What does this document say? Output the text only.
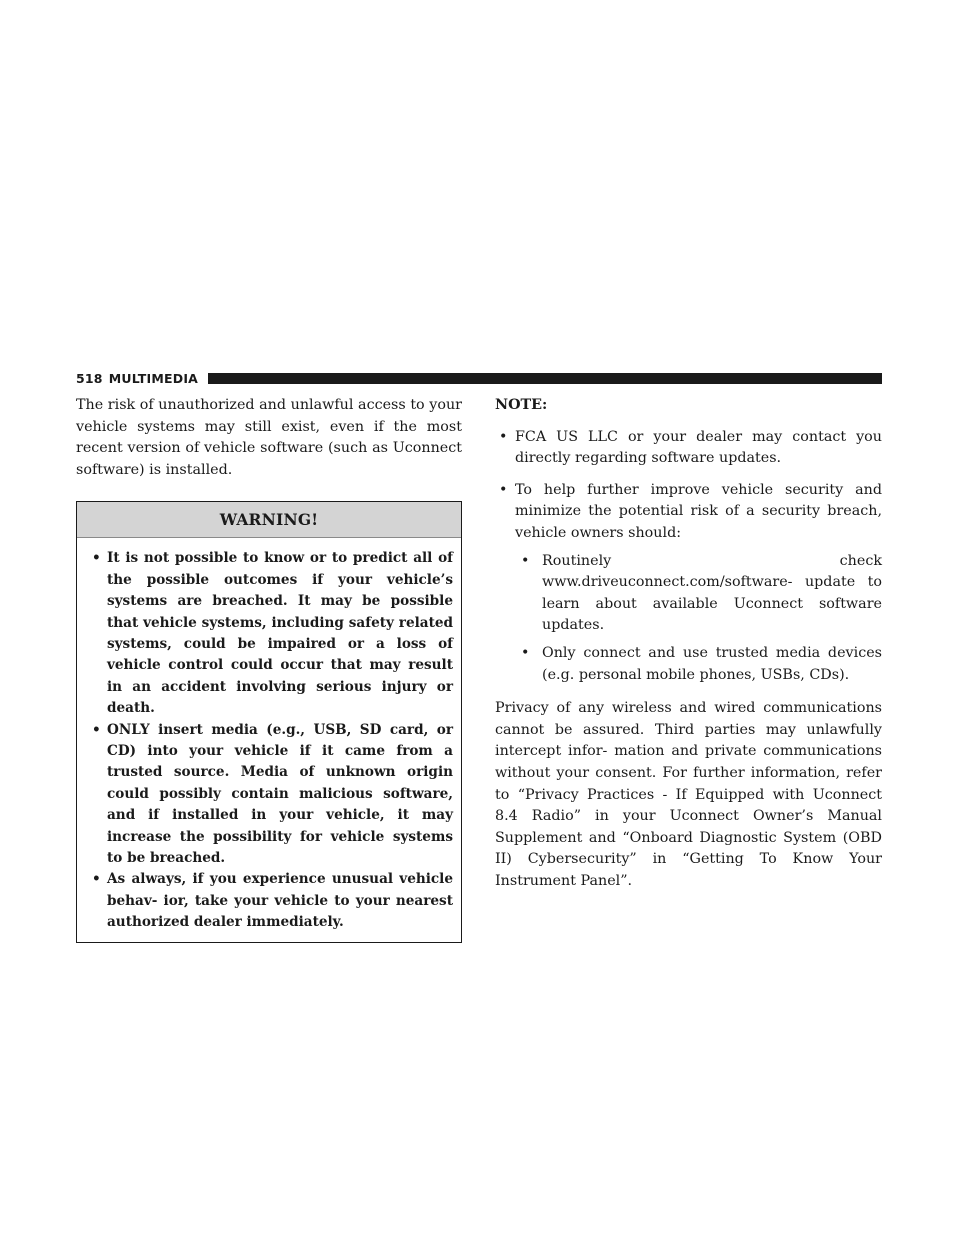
518 MULTIMEDIA

The risk of unauthorized and unlawful access to your vehicle systems may still exist, even if the most recent version of vehicle software (such as Uconnect software) is installed.

WARNING!

• It is not possible to know or to predict all of the possible outcomes if your vehicle’s systems are breached. It may be possible that vehicle systems, including safety related systems, could be impaired or a loss of vehicle control could occur that may result in an accident involving serious injury or death.

• ONLY insert media (e.g., USB, SD card, or CD) into your vehicle if it came from a trusted source. Media of unknown origin could possibly contain malicious software, and if installed in your vehicle, it may increase the possibility for vehicle systems to be breached.

• As always, if you experience unusual vehicle behav- ior, take your vehicle to your nearest authorized dealer immediately.

NOTE:

• FCA US LLC or your dealer may contact you directly regarding software updates.

• To help further improve vehicle security and minimize the potential risk of a security breach, vehicle owners should:

• Routinely check www.driveuconnect.com/software- update to learn about available Uconnect software updates.

• Only connect and use trusted media devices (e.g. personal mobile phones, USBs, CDs).

Privacy of any wireless and wired communications cannot be assured. Third parties may unlawfully intercept infor- mation and private communications without your consent. For further information, refer to “Privacy Practices - If Equipped with Uconnect 8.4 Radio” in your Uconnect Owner’s Manual Supplement and “Onboard Diagnostic System (OBD II) Cybersecurity” in “Getting To Know Your Instrument Panel”.
